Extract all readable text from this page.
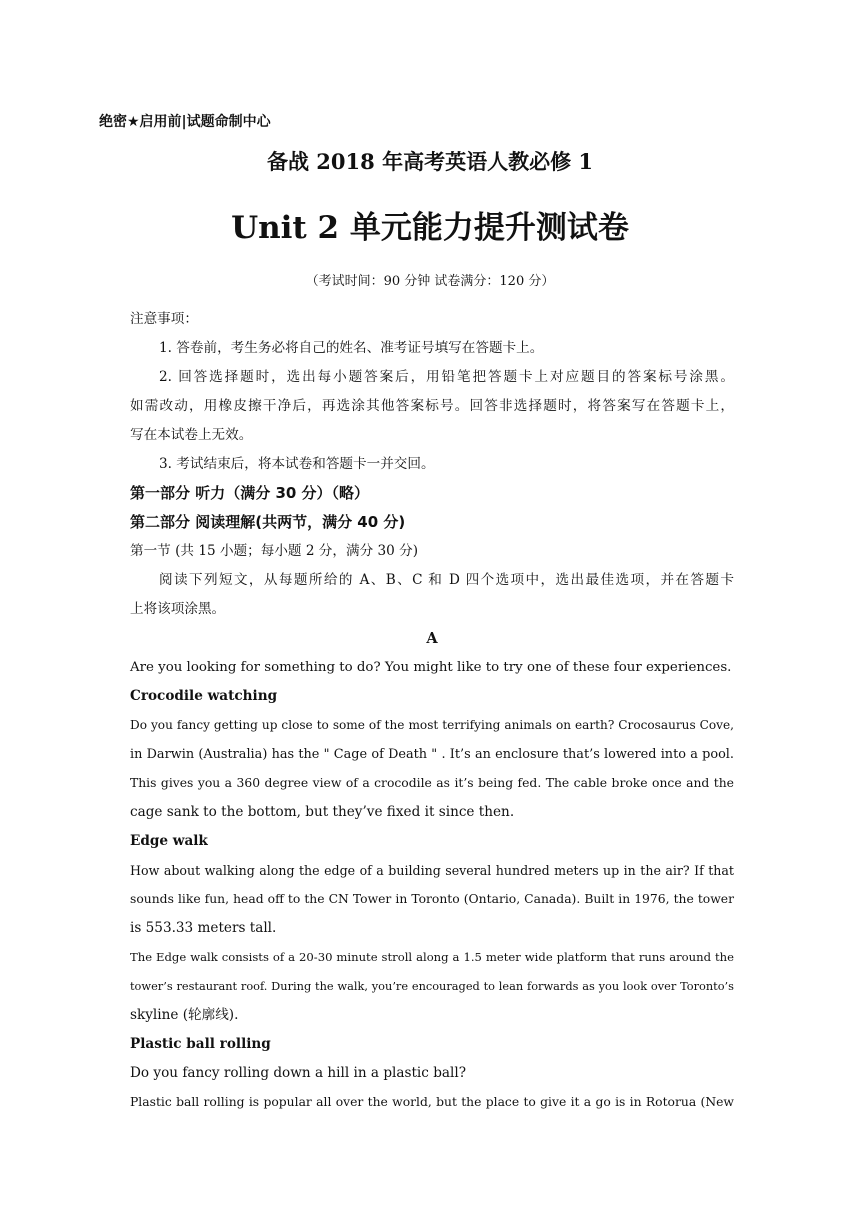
绝密★启用前|试题命制中心
备战 2018 年高考英语人教必修 1
Unit 2 单元能力提升测试卷
（考试时间：90 分钟 试卷满分：120 分）
注意事项：
1. 答卷前，考生务必将自己的姓名、准考证号填写在答题卡上。
2. 回答选择题时，选出每小题答案后，用铅笔把答题卡上对应题目的答案标号涂黑。
如需改动，用橡皮擦干净后，再选涂其他答案标号。回答非选择题时，将答案写在答题卡上，
写在本试卷上无效。
3. 考试结束后，将本试卷和答题卡一并交回。
第一部分 听力（满分 30 分）（略）
第二部分 阅读理解(共两节，满分 40 分)
第一节 (共 15 小题；每小题 2 分，满分 30 分)
阅读下列短文，从每题所给的 A、B、C 和 D 四个选项中，选出最佳选项，并在答题卡
上将该项涂黑。
A
Are you looking for something to do? You might like to try one of these four experiences.
Crocodile watching
Do you fancy getting up close to some of the most terrifying animals on earth? Crocosaurus Cove,
in Darwin (Australia) has the " Cage of Death " . It’s an enclosure that’s lowered into a pool.
This gives you a 360 degree view of a crocodile as it’s being fed. The cable broke once and the
cage sank to the bottom, but they’ve fixed it since then.
Edge walk
How about walking along the edge of a building several hundred meters up in the air? If that
sounds like fun, head off to the CN Tower in Toronto (Ontario, Canada). Built in 1976, the tower
is 553.33 meters tall.
The Edge walk consists of a 20-30 minute stroll along a 1.5 meter wide platform that runs around the
tower’s restaurant roof. During the walk, you’re encouraged to lean forwards as you look over Toronto’s
skyline (轮廓线).
Plastic ball rolling
Do you fancy rolling down a hill in a plastic ball?
Plastic ball rolling is popular all over the world, but the place to give it a go is in Rotorua (New
